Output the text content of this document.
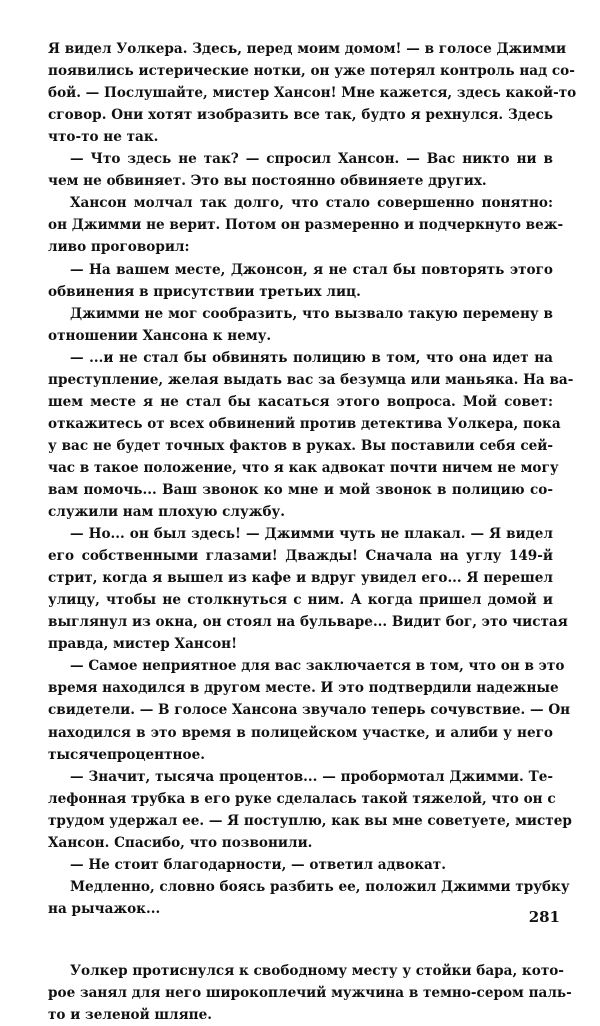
Я видел Уолкера. Здесь, перед моим домом! — в голосе Джимми
появились истерические нотки, он уже потерял контроль над со-
бой. — Послушайте, мистер Хансон! Мне кажется, здесь какой-то
сговор. Они хотят изобразить все так, будто я рехнулся. Здесь
что-то не так.
— Что здесь не так? — спросил Хансон. — Вас никто ни в
чем не обвиняет. Это вы постоянно обвиняете других.
Хансон молчал так долго, что стало совершенно понятно:
он Джимми не верит. Потом он размеренно и подчеркнуто веж-
ливо проговорил:
— На вашем месте, Джонсон, я не стал бы повторять этого
обвинения в присутствии третьих лиц.
Джимми не мог сообразить, что вызвало такую перемену в
отношении Хансона к нему.
— ...и не стал бы обвинять полицию в том, что она идет на
преступление, желая выдать вас за безумца или маньяка. На ва-
шем месте я не стал бы касаться этого вопроса. Мой совет:
откажитесь от всех обвинений против детектива Уолкера, пока
у вас не будет точных фактов в руках. Вы поставили себя сей-
час в такое положение, что я как адвокат почти ничем не могу
вам помочь... Ваш звонок ко мне и мой звонок в полицию со-
служили нам плохую службу.
— Но... он был здесь! — Джимми чуть не плакал. — Я видел
его собственными глазами! Дважды! Сначала на углу 149-й
стрит, когда я вышел из кафе и вдруг увидел его... Я перешел
улицу, чтобы не столкнуться с ним. А когда пришел домой и
выглянул из окна, он стоял на бульваре... Видит бог, это чистая
правда, мистер Хансон!
— Самое неприятное для вас заключается в том, что он в это
время находился в другом месте. И это подтвердили надежные
свидетели. — В голосе Хансона звучало теперь сочувствие. — Он
находился в это время в полицейском участке, и алиби у него
тысячепроцентное.
— Значит, тысяча процентов... — пробормотал Джимми. Те-
лефонная трубка в его руке сделалась такой тяжелой, что он с
трудом удержал ее. — Я поступлю, как вы мне советуете, мистер
Хансон. Спасибо, что позвонили.
— Не стоит благодарности, — ответил адвокат.
Медленно, словно боясь разбить ее, положил Джимми трубку
на рычажок...
Уолкер протиснулся к свободному месту у стойки бара, кото-
рое занял для него широкоплечий мужчина в темно-сером паль-
то и зеленой шляпе.
281
